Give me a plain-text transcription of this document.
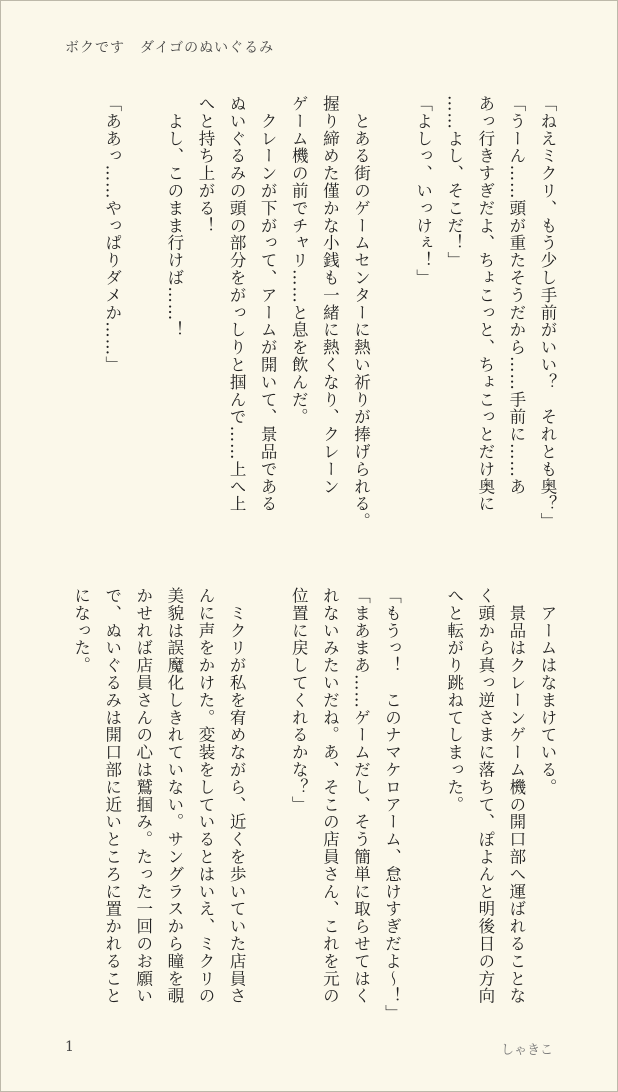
ボクです　ダイゴのぬいぐるみ

「ねえミクリ、もう少し手前がいい？　それとも奥？」

「うーん……頭が重たそうだから……手前に……あ

あっ行きすぎだよ、ちょこっと、ちょこっとだけ奥に

……よし、そこだ！」

「よしっ、いっけぇ！」

　とある街のゲームセンターに熱い祈りが捧げられる。

握り締めた僅かな小銭も一緒に熱くなり、クレーン

ゲーム機の前でチャリ……と息を飲んだ。

　クレーンが下がって、アームが開いて、景品である

ぬいぐるみの頭の部分をがっしりと掴んで……上へ上

へと持ち上がる！

　よし、このまま行けば……！

「ああっ……やっぱりダメか……」

　アームはなまけている。

　景品はクレーンゲーム機の開口部へ運ばれることな

く頭から真っ逆さまに落ちて、ぽよんと明後日の方向

へと転がり跳ねてしまった。

「もうっ！　このナマケロアーム、怠けすぎだよ〜！」

「まあまあ……ゲームだし、そう簡単に取らせてはく

れないみたいだね。あ、そこの店員さん、これを元の

位置に戻してくれるかな？」

　ミクリが私を宥めながら、近くを歩いていた店員さ

んに声をかけた。変装をしているとはいえ、ミクリの

美貌は誤魔化しきれていない。サングラスから瞳を覗

かせれば店員さんの心は鷲掴み。たった一回のお願い

で、ぬいぐるみは開口部に近いところに置かれること

になった。

1	しゃきこ
